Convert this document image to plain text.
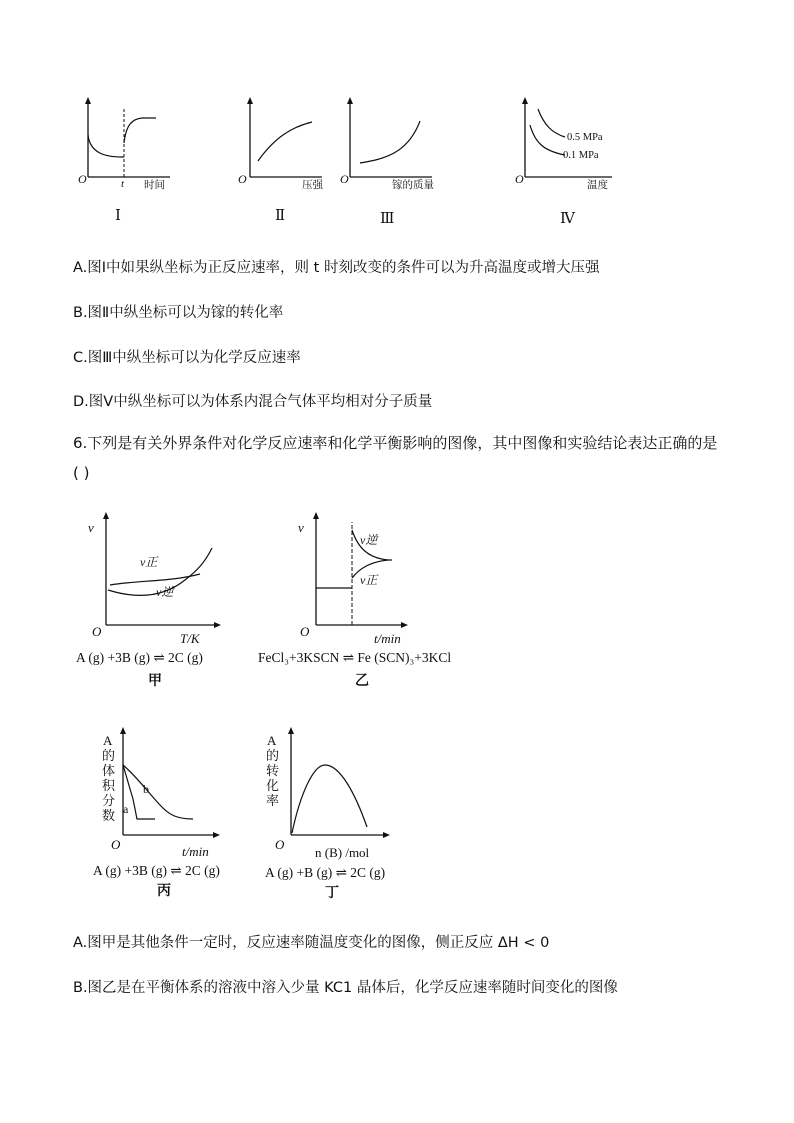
O	t 时间
Ⅰ
O	压强
Ⅱ
O	镓的质量
Ⅲ
0.5 MPa
0.1 MPa
O	温度
Ⅳ
A.图Ⅰ中如果纵坐标为正反应速率，则 t 时刻改变的条件可以为升高温度或增大压强
B.图Ⅱ中纵坐标可以为镓的转化率
C.图Ⅲ中纵坐标可以为化学反应速率
D.图Ⅴ中纵坐标可以为体系内混合气体平均相对分子质量
6.下列是有关外界条件对化学反应速率和化学平衡影响的图像，其中图像和实验结论表达正确的是( )
v
v正
v逆
O	T/K
A (g) +3B (g) ⇌ 2C (g)
甲
v
v逆
v正
O	t/min
FeCl₃+3KSCN ⇌ Fe (SCN)₃+3KCl
乙
A
的
体
积
分
数 a
b
O	t/min
A (g) +3B (g) ⇌ 2C (g)
丙
A
的
转
化
率
O
n (B) /mol
A (g) +B (g) ⇌ 2C (g)
丁
A.图甲是其他条件一定时，反应速率随温度变化的图像，侧正反应 ΔH < 0
B.图乙是在平衡体系的溶液中溶入少量 KC1 晶体后，化学反应速率随时间变化的图像
